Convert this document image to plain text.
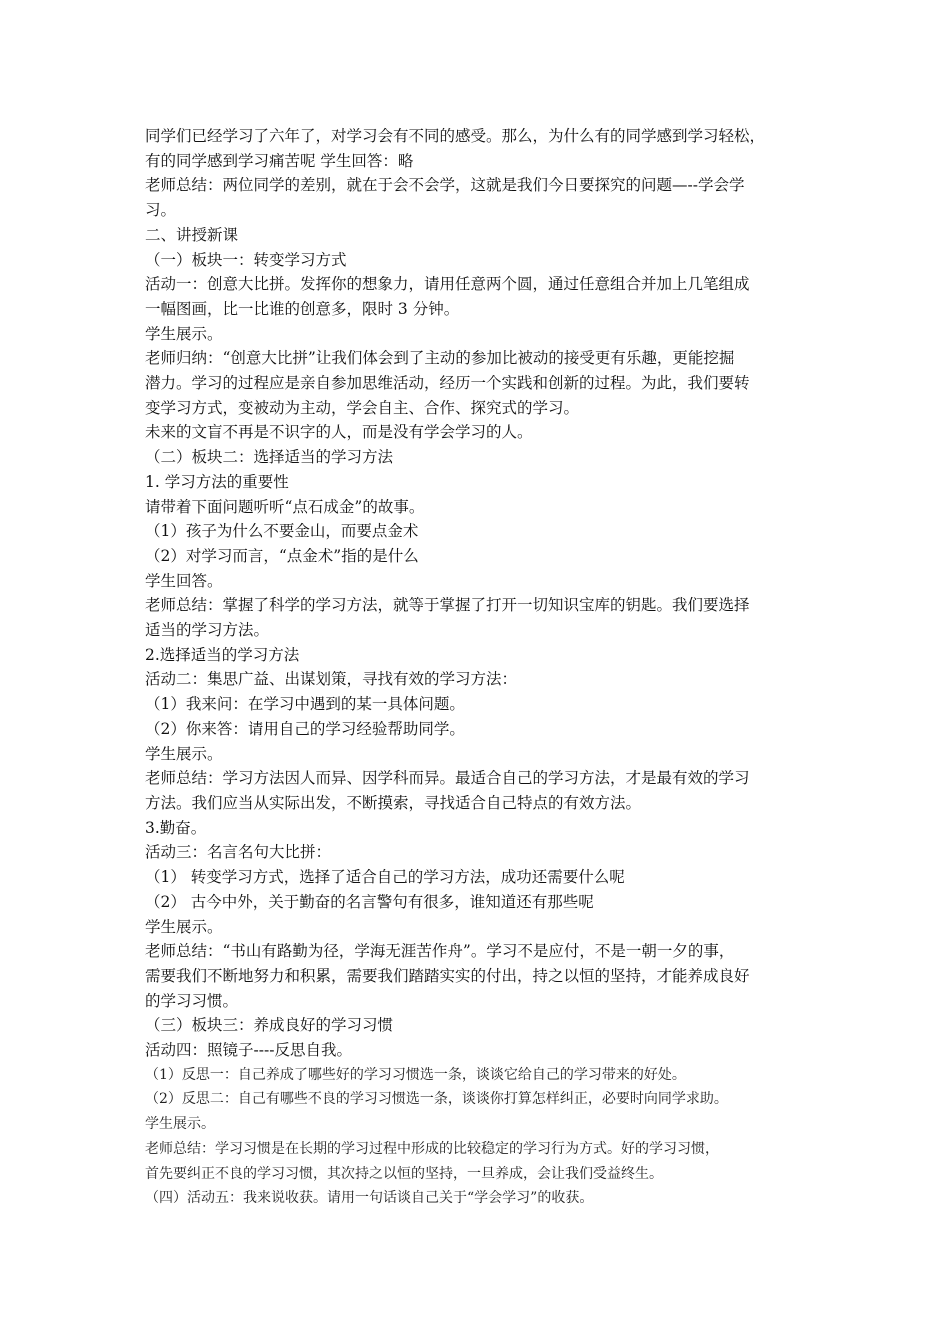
同学们已经学习了六年了，对学习会有不同的感受。那么，为什么有的同学感到学习轻松，

有的同学感到学习痛苦呢 学生回答：略

老师总结：两位同学的差别，就在于会不会学，这就是我们今日要探究的问题—--学会学

习。

二、讲授新课

（一）板块一：转变学习方式

活动一：创意大比拼。发挥你的想象力，请用任意两个圆，通过任意组合并加上几笔组成

一幅图画，比一比谁的创意多，限时 3 分钟。

学生展示。

老师归纳：“创意大比拼”让我们体会到了主动的参加比被动的接受更有乐趣，更能挖掘

潜力。学习的过程应是亲自参加思维活动，经历一个实践和创新的过程。为此，我们要转

变学习方式，变被动为主动，学会自主、合作、探究式的学习。

未来的文盲不再是不识字的人，而是没有学会学习的人。

（二）板块二：选择适当的学习方法

1. 学习方法的重要性

请带着下面问题听听“点石成金”的故事。

（1）孩子为什么不要金山，而要点金术

（2）对学习而言，“点金术”指的是什么

学生回答。

老师总结：掌握了科学的学习方法，就等于掌握了打开一切知识宝库的钥匙。我们要选择

适当的学习方法。

2.选择适当的学习方法

活动二：集思广益、出谋划策，寻找有效的学习方法：

（1）我来问：在学习中遇到的某一具体问题。

（2）你来答：请用自己的学习经验帮助同学。

学生展示。

老师总结：学习方法因人而异、因学科而异。最适合自己的学习方法，才是最有效的学习

方法。我们应当从实际出发，不断摸索，寻找适合自己特点的有效方法。

3.勤奋。

活动三：名言名句大比拼：

（1） 转变学习方式，选择了适合自己的学习方法，成功还需要什么呢

（2） 古今中外，关于勤奋的名言警句有很多，谁知道还有那些呢

学生展示。

老师总结：“书山有路勤为径，学海无涯苦作舟”。学习不是应付，不是一朝一夕的事，

需要我们不断地努力和积累，需要我们踏踏实实的付出，持之以恒的坚持，才能养成良好

的学习习惯。

（三）板块三：养成良好的学习习惯

活动四：照镜子----反思自我。

（1）反思一：自己养成了哪些好的学习习惯选一条，谈谈它给自己的学习带来的好处。

（2）反思二：自己有哪些不良的学习习惯选一条，谈谈你打算怎样纠正，必要时向同学求助。

学生展示。

老师总结：学习习惯是在长期的学习过程中形成的比较稳定的学习行为方式。好的学习习惯，

首先要纠正不良的学习习惯，其次持之以恒的坚持，一旦养成，会让我们受益终生。

（四）活动五：我来说收获。请用一句话谈自己关于“学会学习”的收获。
